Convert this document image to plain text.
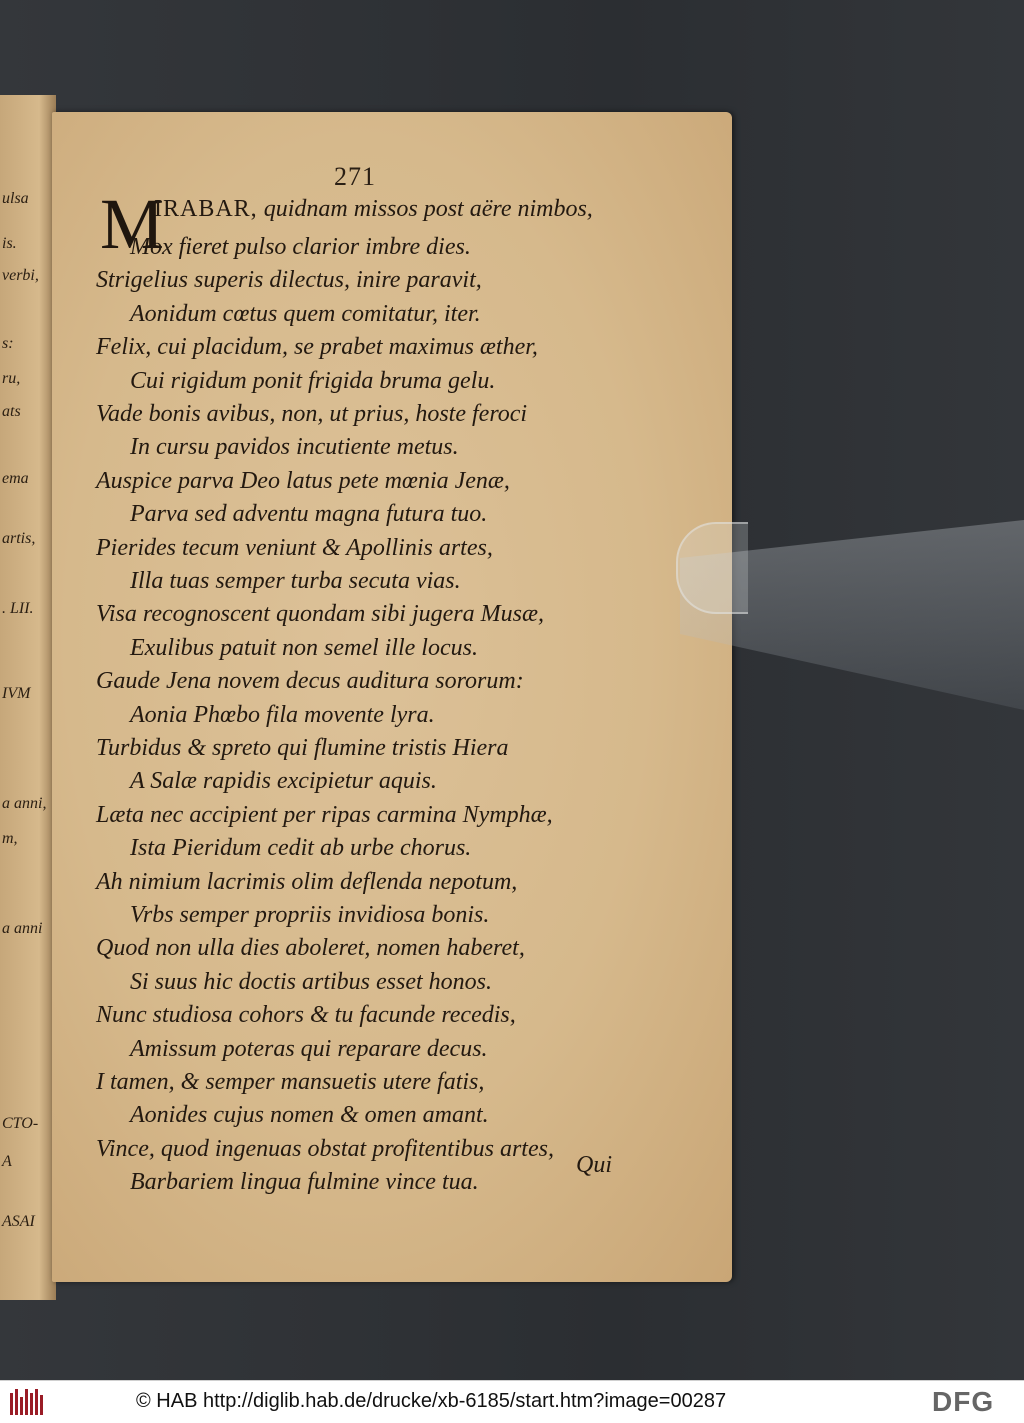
ulsa
is.
verbi,
s:
ru,
ats
ema
artis,
. LII.
IVM
a anni,
m,
a anni
CTO-
A
ASAI
271
M
IRABAR, quidnam missos post aëre nimbos,
Mox fieret pulso clarior imbre dies.
Strigelius superis dilectus, inire paravit,
Aonidum cœtus quem comitatur, iter.
Felix, cui placidum, se prabet maximus æther,
Cui rigidum ponit frigida bruma gelu.
Vade bonis avibus, non, ut prius, hoste feroci
In cursu pavidos incutiente metus.
Auspice parva Deo latus pete mœnia Jenæ,
Parva sed adventu magna futura tuo.
Pierides tecum veniunt & Apollinis artes,
Illa tuas semper turba secuta vias.
Visa recognoscent quondam sibi jugera Musæ,
Exulibus patuit non semel ille locus.
Gaude Jena novem decus auditura sororum:
Aonia Phœbo fila movente lyra.
Turbidus & spreto qui flumine tristis Hiera
A Salæ rapidis excipietur aquis.
Læta nec accipient per ripas carmina Nymphæ,
Ista Pieridum cedit ab urbe chorus.
Ah nimium lacrimis olim deflenda nepotum,
Vrbs semper propriis invidiosa bonis.
Quod non ulla dies aboleret, nomen haberet,
Si suus hic doctis artibus esset honos.
Nunc studiosa cohors & tu facunde recedis,
Amissum poteras qui reparare decus.
I tamen, & semper mansuetis utere fatis,
Aonides cujus nomen & omen amant.
Vince, quod ingenuas obstat profitentibus artes,
Barbariem lingua fulmine vince tua.
Qui
© HAB http://diglib.hab.de/drucke/xb-6185/start.htm?image=00287	DFG
